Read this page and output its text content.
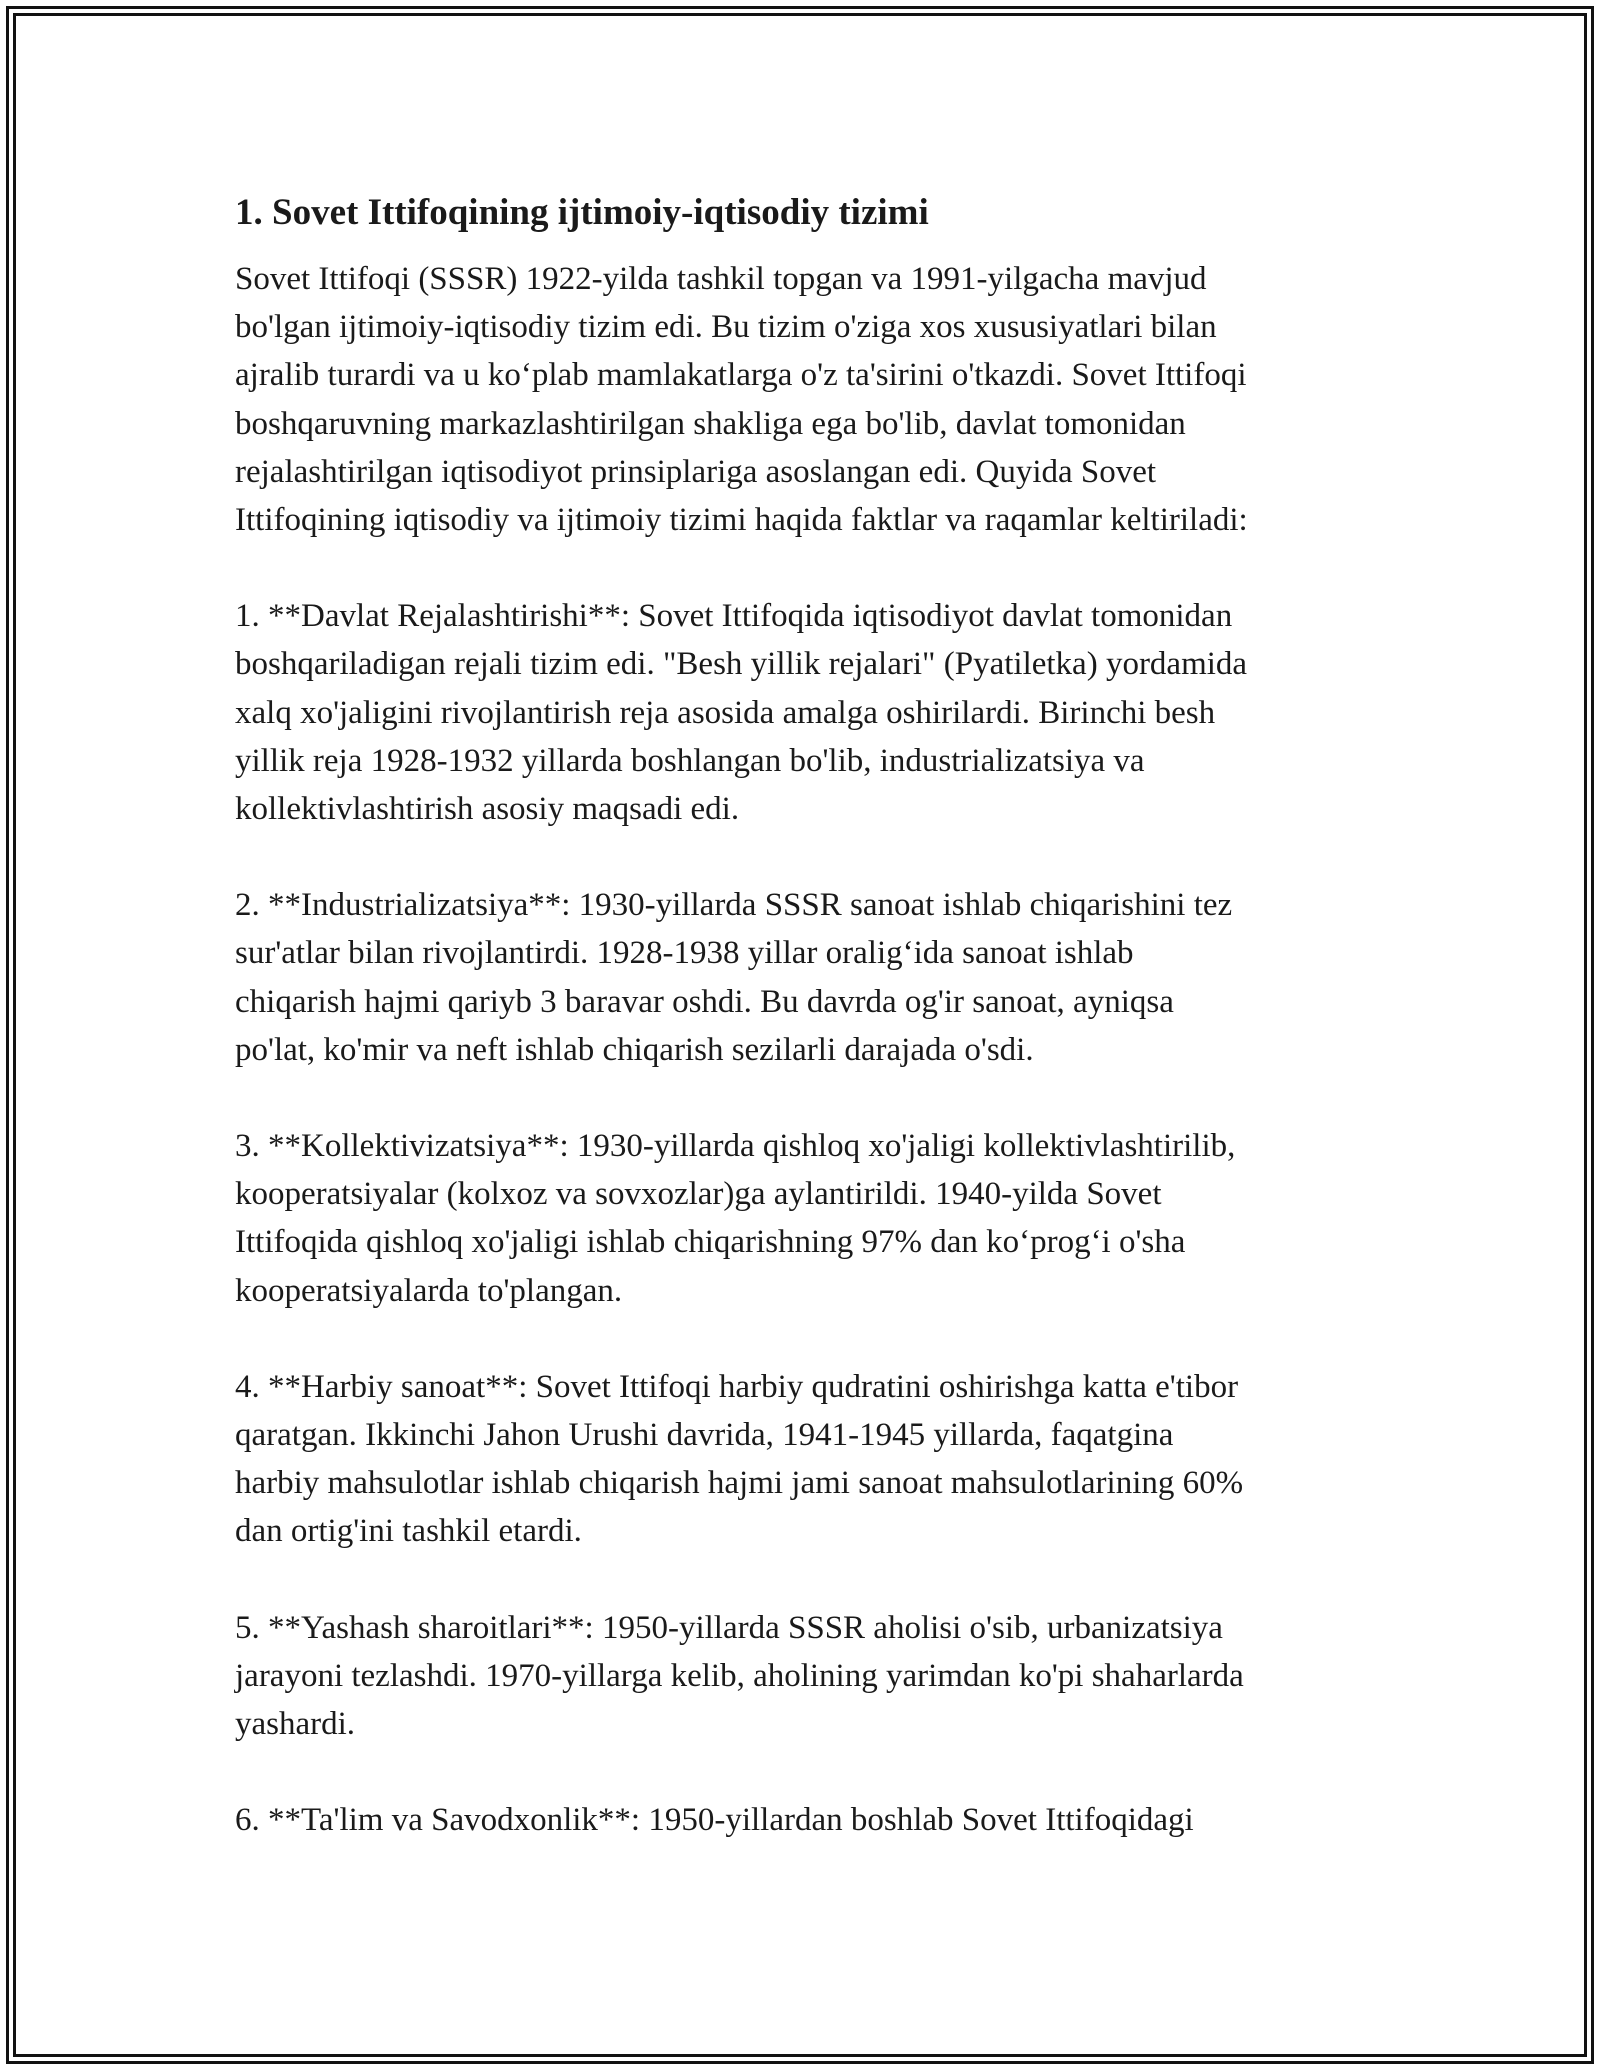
1. Sovet Ittifoqining ijtimoiy-iqtisodiy tizimi

Sovet Ittifoqi (SSSR) 1922-yilda tashkil topgan va 1991-yilgacha mavjud
bo'lgan ijtimoiy-iqtisodiy tizim edi. Bu tizim o'ziga xos xususiyatlari bilan
ajralib turardi va u ko‘plab mamlakatlarga o'z ta'sirini o'tkazdi. Sovet Ittifoqi
boshqaruvning markazlashtirilgan shakliga ega bo'lib, davlat tomonidan
rejalashtirilgan iqtisodiyot prinsiplariga asoslangan edi. Quyida Sovet
Ittifoqining iqtisodiy va ijtimoiy tizimi haqida faktlar va raqamlar keltiriladi:

1. **Davlat Rejalashtirishi**: Sovet Ittifoqida iqtisodiyot davlat tomonidan
boshqariladigan rejali tizim edi. "Besh yillik rejalari" (Pyatiletka) yordamida
xalq xo'jaligini rivojlantirish reja asosida amalga oshirilardi. Birinchi besh
yillik reja 1928-1932 yillarda boshlangan bo'lib, industrializatsiya va
kollektivlashtirish asosiy maqsadi edi.

2. **Industrializatsiya**: 1930-yillarda SSSR sanoat ishlab chiqarishini tez
sur'atlar bilan rivojlantirdi. 1928-1938 yillar oralig‘ida sanoat ishlab
chiqarish hajmi qariyb 3 baravar oshdi. Bu davrda og'ir sanoat, ayniqsa
po'lat, ko'mir va neft ishlab chiqarish sezilarli darajada o'sdi.

3. **Kollektivizatsiya**: 1930-yillarda qishloq xo'jaligi kollektivlashtirilib,
kooperatsiyalar (kolxoz va sovxozlar)ga aylantirildi. 1940-yilda Sovet
Ittifoqida qishloq xo'jaligi ishlab chiqarishning 97% dan ko‘prog‘i o'sha
kooperatsiyalarda to'plangan.

4. **Harbiy sanoat**: Sovet Ittifoqi harbiy qudratini oshirishga katta e'tibor
qaratgan. Ikkinchi Jahon Urushi davrida, 1941-1945 yillarda, faqatgina
harbiy mahsulotlar ishlab chiqarish hajmi jami sanoat mahsulotlarining 60%
dan ortig'ini tashkil etardi.

5. **Yashash sharoitlari**: 1950-yillarda SSSR aholisi o'sib, urbanizatsiya
jarayoni tezlashdi. 1970-yillarga kelib, aholining yarimdan ko'pi shaharlarda
yashardi.

6. **Ta'lim va Savodxonlik**: 1950-yillardan boshlab Sovet Ittifoqidagi
